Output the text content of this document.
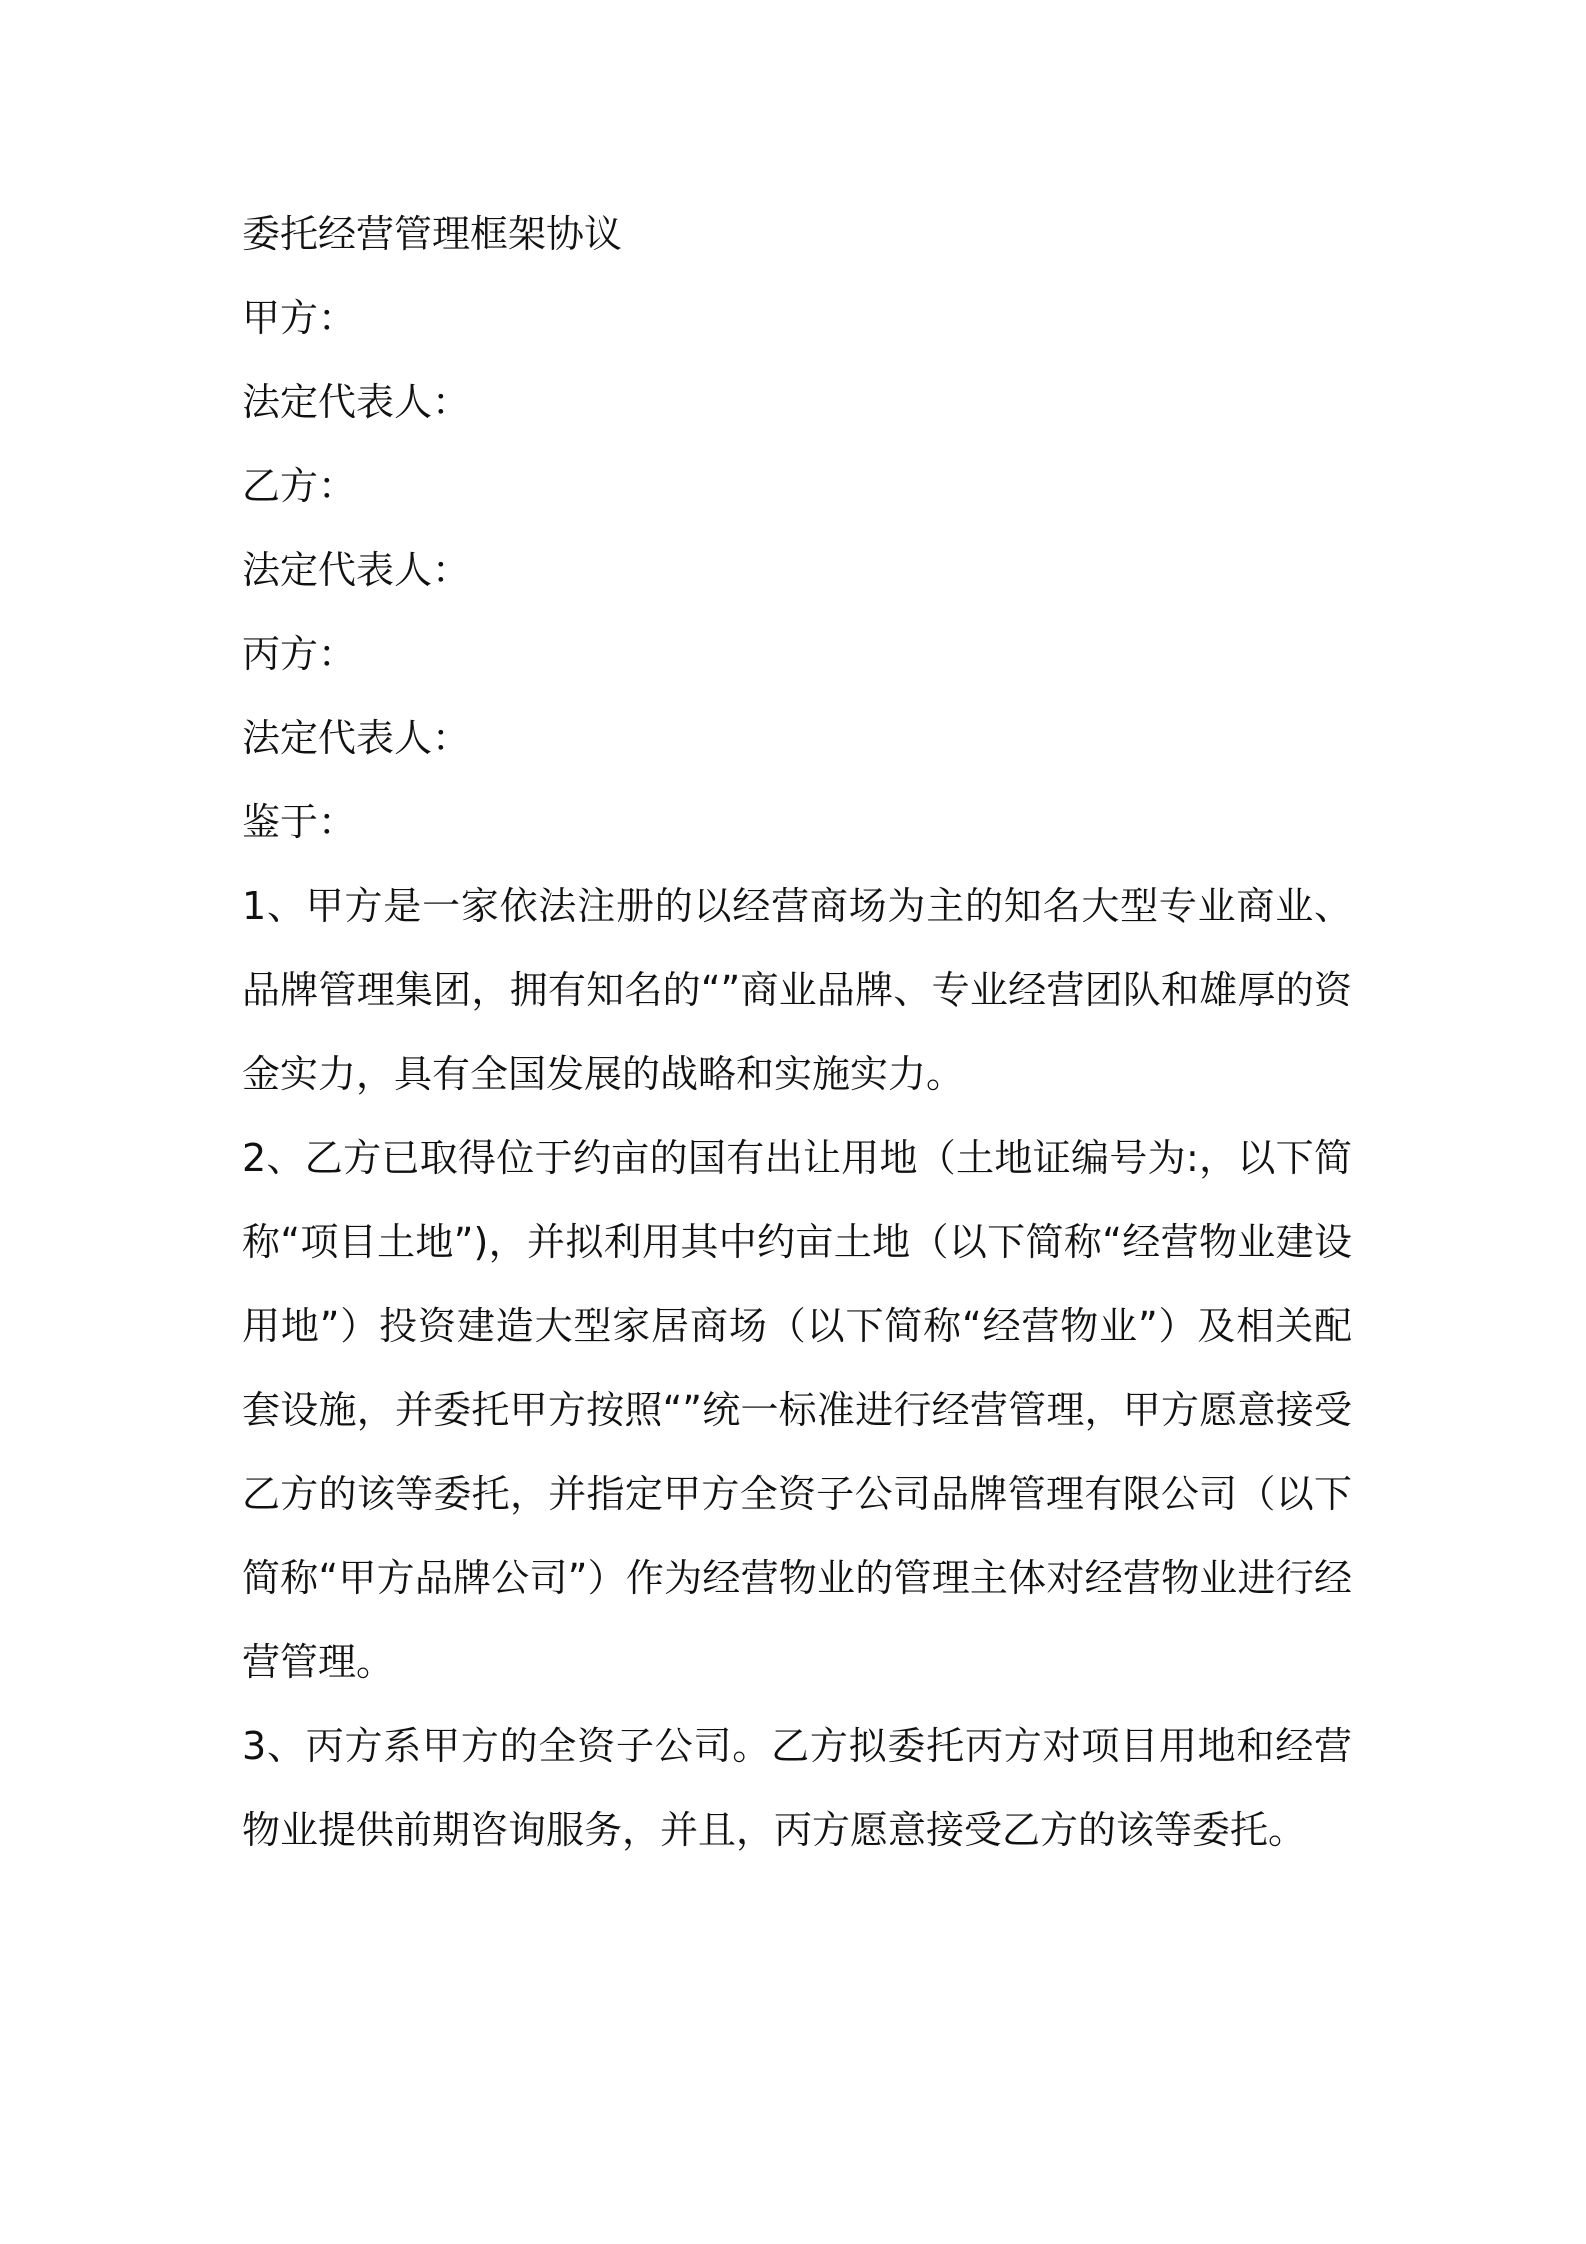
委托经营管理框架协议
甲方：
法定代表人：
乙方：
法定代表人：
丙方：
法定代表人：
鉴于：
1、甲方是一家依法注册的以经营商场为主的知名大型专业商业、品牌管理集团，拥有知名的“”商业品牌、专业经营团队和雄厚的资金实力，具有全国发展的战略和实施实力。
2、乙方已取得位于约亩的国有出让用地（土地证编号为:，以下简称“项目土地”)，并拟利用其中约亩土地（以下简称“经营物业建设用地”）投资建造大型家居商场（以下简称“经营物业”）及相关配套设施，并委托甲方按照“”统一标准进行经营管理，甲方愿意接受乙方的该等委托，并指定甲方全资子公司品牌管理有限公司（以下简称“甲方品牌公司”）作为经营物业的管理主体对经营物业进行经营管理。
3、丙方系甲方的全资子公司。乙方拟委托丙方对项目用地和经营物业提供前期咨询服务，并且，丙方愿意接受乙方的该等委托。
